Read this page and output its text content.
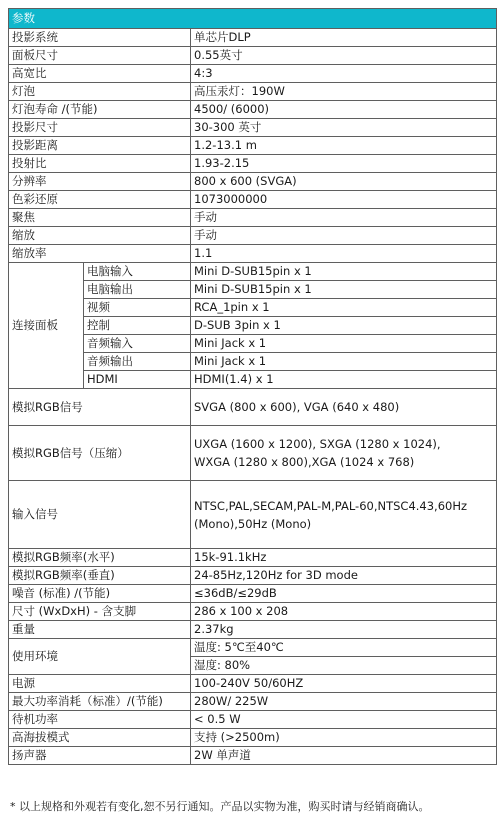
参数		
投影系统		单芯片DLP
面板尺寸		0.55英寸
高宽比		4:3
灯泡		高压汞灯：190W
灯泡寿命 /(节能)		4500/ (6000)
投影尺寸		30-300 英寸
投影距离		1.2-13.1 m
投射比		1.93-2.15
分辨率		800 x 600 (SVGA)
色彩还原		1073000000
聚焦		手动
缩放		手动
缩放率		1.1
连接面板	电脑输入	Mini D-SUB15pin x 1
	电脑输出	Mini D-SUB15pin x 1
	视频	RCA_1pin x 1
	控制	D-SUB 3pin x 1
	音频输入	Mini Jack x 1
	音频输出	Mini Jack x 1
	HDMI	HDMI(1.4) x 1
模拟RGB信号		SVGA (800 x 600), VGA (640 x 480)
模拟RGB信号（压缩）		UXGA (1600 x 1200), SXGA (1280 x 1024),
WXGA (1280 x 800),XGA (1024 x 768)

输入信号		NTSC,PAL,SECAM,PAL-M,PAL-60,NTSC4.43,60Hz
(Mono),50Hz (Mono)

模拟RGB频率(水平)		15k-91.1kHz
模拟RGB频率(垂直)		24-85Hz,120Hz for 3D mode
噪音 (标准) /(节能)		≤36dB/≤29dB
尺寸 (WxDxH) - 含支脚		286 x 100 x 208
重量		2.37kg
使用环境		温度: 5℃至40℃
		湿度: 80%
电源		100-240V 50/60HZ
最大功率消耗（标准）/(节能)		280W/ 225W
待机功率		< 0.5 W
高海拔模式		支持 (>2500m)
扬声器		2W 单声道
* 以上规格和外观若有变化,恕不另行通知。产品以实物为准，购买时请与经销商确认。
